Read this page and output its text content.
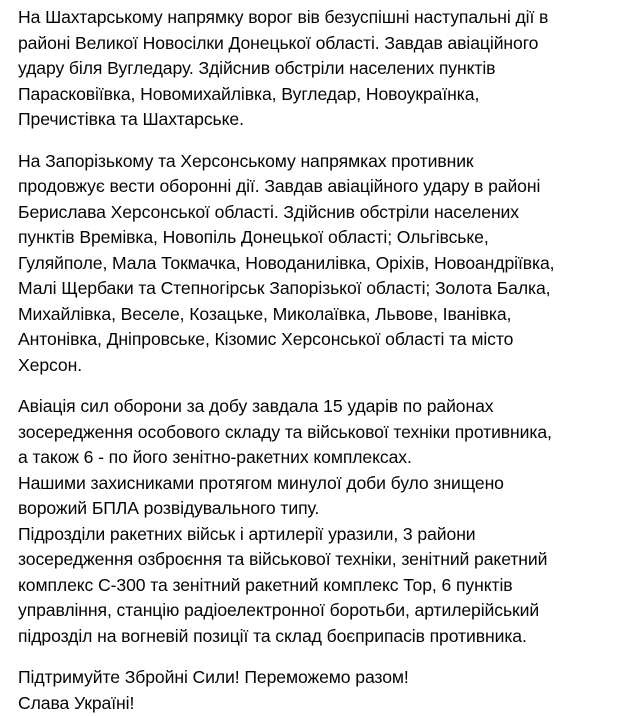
На Шахтарському напрямку ворог вів безуспішні наступальні дії в
районі Великої Новосілки Донецької області. Завдав авіаційного
удару біля Вугледару. Здійснив обстріли населених пунктів
Парасковіївка, Новомихайлівка, Вугледар, Новоукраїнка,
Пречистівка та Шахтарське.

На Запорізькому та Херсонському напрямках противник
продовжує вести оборонні дії. Завдав авіаційного удару в районі
Берислава Херсонської області. Здійснив обстріли населених
пунктів Времівка, Новопіль Донецької області; Ольгівське,
Гуляйполе, Мала Токмачка, Новоданилівка, Оріхів, Новоандріївка,
Малі Щербаки та Степногірськ Запорізької області; Золота Балка,
Михайлівка, Веселе, Козацьке, Миколаївка, Львове, Іванівка,
Антонівка, Дніпровське, Кізомис Херсонської області та місто
Херсон.

Авіація сил оборони за добу завдала 15 ударів по районах
зосередження особового складу та військової техніки противника,
а також 6 - по його зенітно-ракетних комплексах.
Нашими захисниками протягом минулої доби було знищено
ворожий БПЛА розвідувального типу.
Підрозділи ракетних військ і артилерії уразили, 3 райони
зосередження озброєння та військової техніки, зенітний ракетний
комплекс С-300 та зенітний ракетний комплекс Тор, 6 пунктів
управління, станцію радіоелектронної боротьби, артилерійський
підрозділ на вогневій позиції та склад боєприпасів противника.

Підтримуйте Збройні Сили! Переможемо разом!
Слава Україні!
